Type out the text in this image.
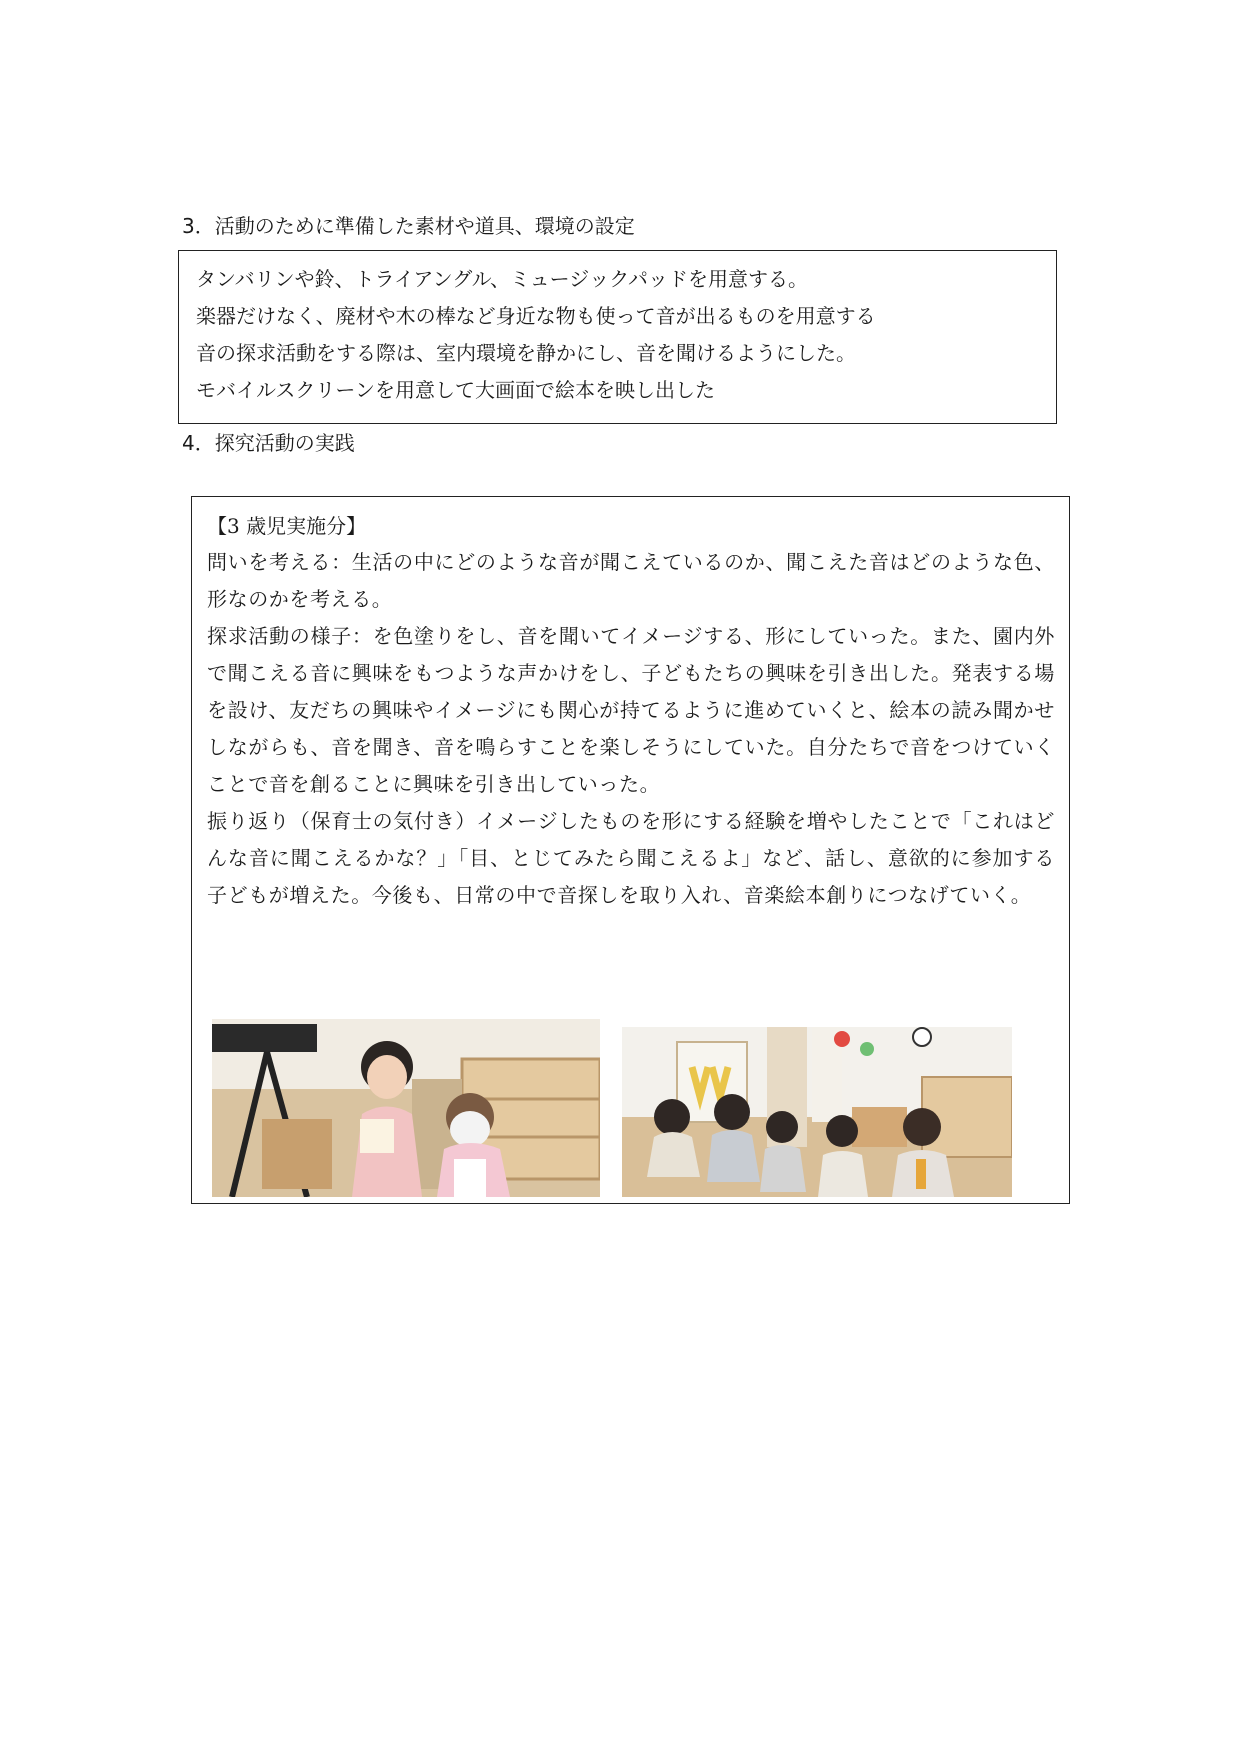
3．活動のために準備した素材や道具、環境の設定
タンバリンや鈴、トライアングル、ミュージックパッドを用意する。
楽器だけなく、廃材や木の棒など身近な物も使って音が出るものを用意する
音の探求活動をする際は、室内環境を静かにし、音を聞けるようにした。
モバイルスクリーンを用意して大画面で絵本を映し出した
4．探究活動の実践
【3 歳児実施分】
問いを考える：生活の中にどのような音が聞こえているのか、聞こえた音はどのような色、形なのかを考える。
探求活動の様子：を色塗りをし、音を聞いてイメージする、形にしていった。また、園内外で聞こえる音に興味をもつような声かけをし、子どもたちの興味を引き出した。発表する場を設け、友だちの興味やイメージにも関心が持てるように進めていくと、絵本の読み聞かせしながらも、音を聞き、音を鳴らすことを楽しそうにしていた。自分たちで音をつけていくことで音を創ることに興味を引き出していった。
振り返り（保育士の気付き）イメージしたものを形にする経験を増やしたことで「これはどんな音に聞こえるかな？」「目、とじてみたら聞こえるよ」など、話し、意欲的に参加する子どもが増えた。今後も、日常の中で音探しを取り入れ、音楽絵本創りにつなげていく。
